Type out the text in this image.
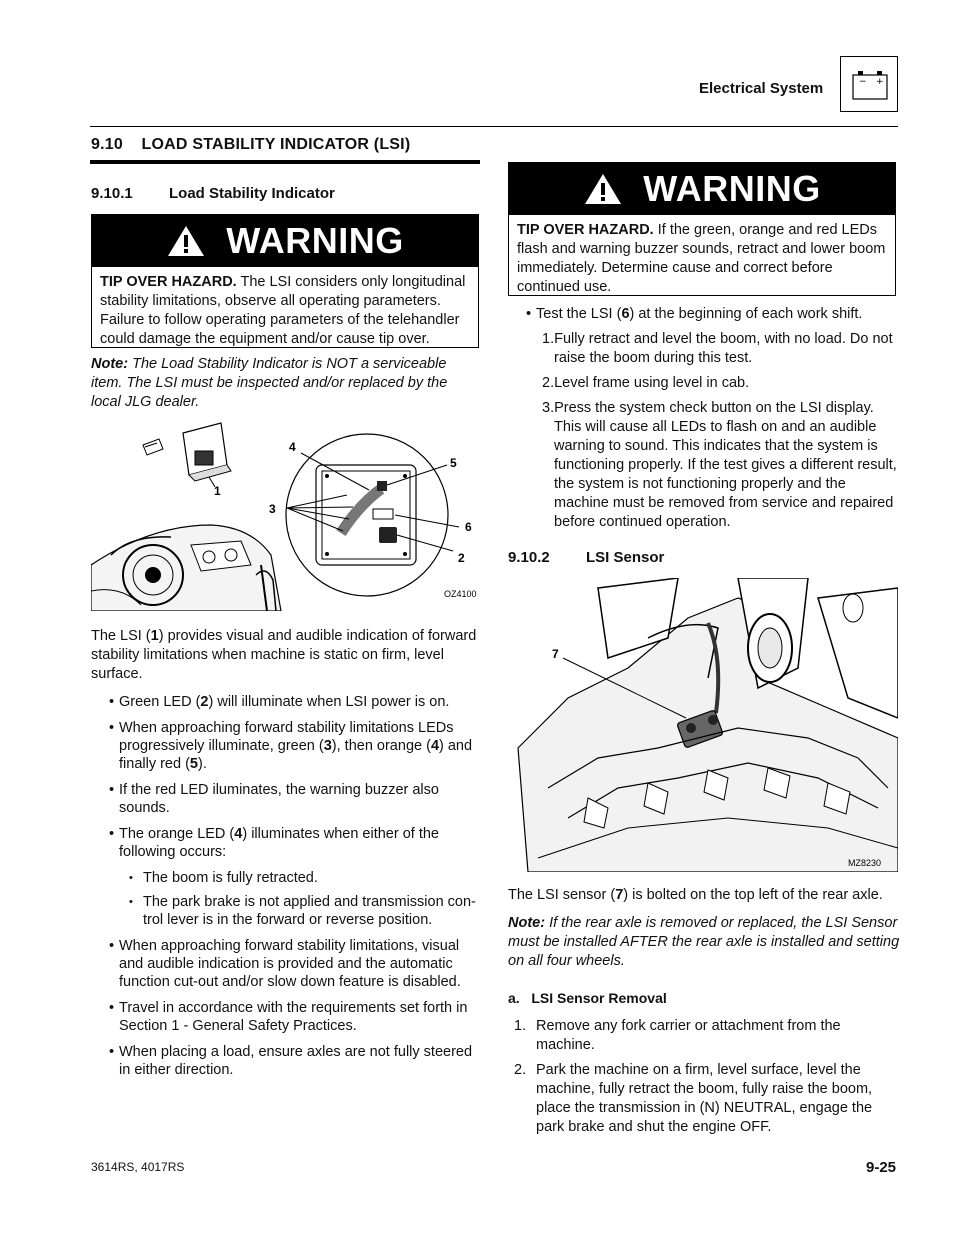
Electrical System	− +
9.10 LOAD STABILITY INDICATOR (LSI)
9.10.1 Load Stability Indicator
WARNING
TIP OVER HAZARD. The LSI considers only longitudinal stability limitations, observe all operating parameters. Failure to follow operating parameters of the telehandler could damage the equipment and/or cause tip over.
Note: The Load Stability Indicator is NOT a serviceable item. The LSI must be inspected and/or replaced by the local JLG dealer.
1
4
3
5
6
2
OZ4100
The LSI (1) provides visual and audible indication of forward stability limitations when machine is static on firm, level surface.
• Green LED (2) will illuminate when LSI power is on.
• When approaching forward stability limitations LEDs progressively illuminate, green (3), then orange (4) and finally red (5).
• If the red LED iluminates, the warning buzzer also sounds.
• The orange LED (4) illuminates when either of the following occurs:
• The boom is fully retracted.
• The park brake is not applied and transmission con-trol lever is in the forward or reverse position.
• When approaching forward stability limitations, visual and audible indication is provided and the automatic function cut-out and/or slow down feature is disabled.
• Travel in accordance with the requirements set forth in Section 1 - General Safety Practices.
• When placing a load, ensure axles are not fully steered in either direction.
WARNING
TIP OVER HAZARD. If the green, orange and red LEDs flash and warning buzzer sounds, retract and lower boom immediately. Determine cause and correct before continued use.
• Test the LSI (6) at the beginning of each work shift.
1.Fully retract and level the boom, with no load. Do not raise the boom during this test.
2.Level frame using level in cab.
3.Press the system check button on the LSI display. This will cause all LEDs to flash on and an audible warning to sound. This indicates that the system is functioning properly. If the test gives a different result, the system is not functioning properly and the machine must be removed from service and repaired before continued operation.
9.10.2 LSI Sensor
7
MZ8230
The LSI sensor (7) is bolted on the top left of the rear axle.
Note: If the rear axle is removed or replaced, the LSI Sensor must be installed AFTER the rear axle is installed and setting on all four wheels.
a. LSI Sensor Removal
1. Remove any fork carrier or attachment from the machine.
2. Park the machine on a firm, level surface, level the machine, fully retract the boom, fully raise the boom, place the transmission in (N) NEUTRAL, engage the park brake and shut the engine OFF.
3614RS, 4017RS	9-25
